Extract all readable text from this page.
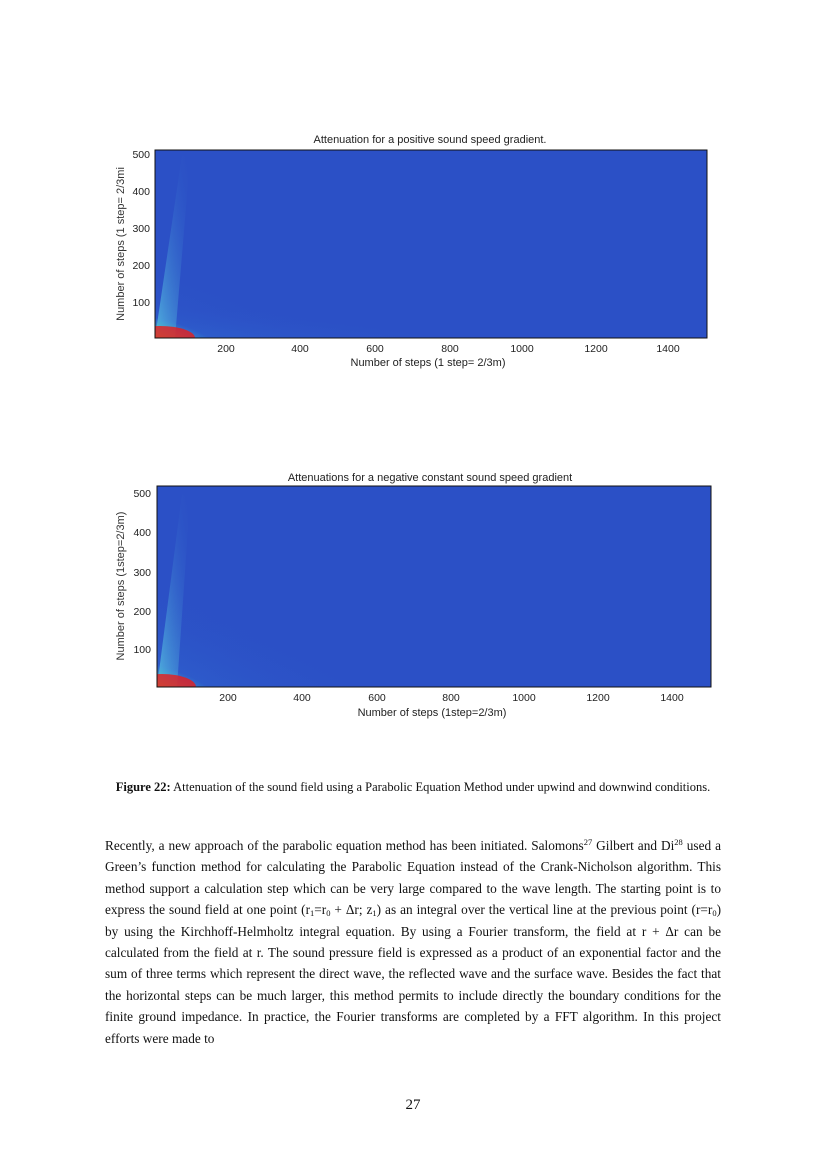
Attenuation for a positive sound speed gradient.
Number of steps (1 step= 2/3mi
500
400
300
200
100
200	400	600	800	1000	1200	1400
Number of steps (1 step= 2/3m)
Attenuations for a negative constant sound speed gradient
Number of steps (1step=2/3m)
500
400
300
200
100
200	400	600	800	1000	1200	1400
Number of steps (1step=2/3m)
Figure 22: Attenuation of the sound field using a Parabolic Equation Method under upwind and downwind conditions.
Recently, a new approach of the parabolic equation method has been initiated. Salomons$^{27}$ Gilbert and Di$^{28}$ used a Green’s function method for calculating the Parabolic Equation instead of the Crank-Nicholson algorithm. This method support a calculation step which can be very large compared to the wave length. The starting point is to express the sound field at one point ($r_1=r_0 + \Delta r$; $z_1$) as an integral over the vertical line at the previous point $(r=r_0)$ by using the Kirchhoff-Helmholtz integral equation. By using a Fourier transform, the field at r + Δr can be calculated from the field at r. The sound pressure field is expressed as a product of an exponential factor and the sum of three terms which represent the direct wave, the reflected wave and the surface wave. Besides the fact that the horizontal steps can be much larger, this method permits to include directly the boundary conditions for the finite ground impedance. In practice, the Fourier transforms are completed by a FFT algorithm. In this project efforts were made to
27
